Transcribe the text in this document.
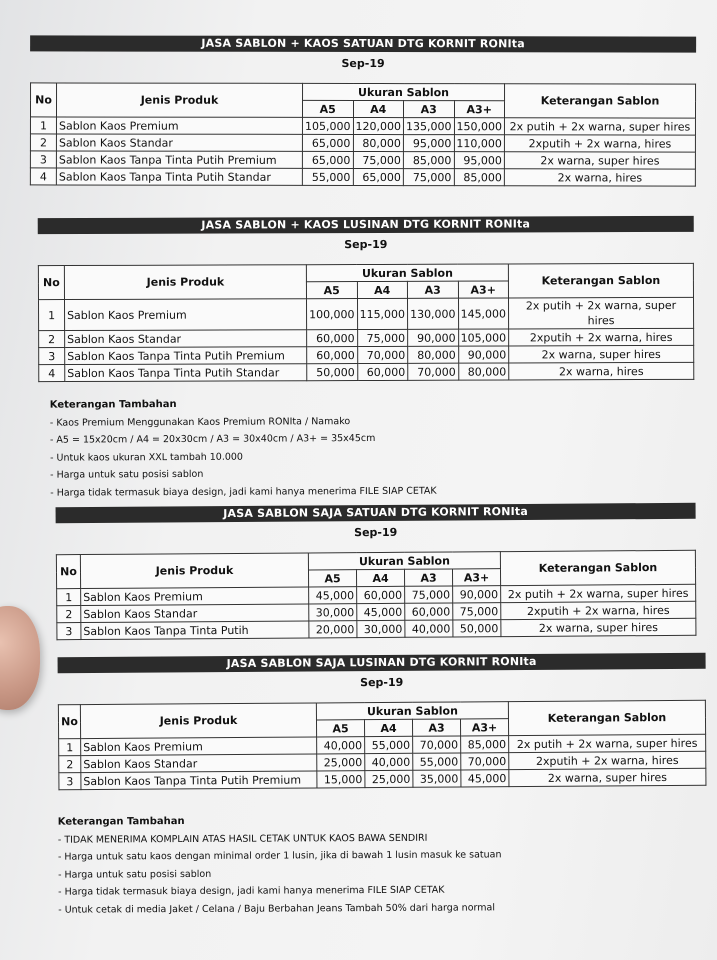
JASA SABLON + KAOS SATUAN DTG KORNIT RONIta
Sep-19
No	Jenis Produk	Ukuran Sablon				Keterangan Sablon
		A5	A4	A3	A3+	
1	Sablon Kaos Premium	105,000	120,000	135,000	150,000	2x putih + 2x warna, super hires
2	Sablon Kaos Standar	65,000	80,000	95,000	110,000	2xputih + 2x warna, hires
3	Sablon Kaos Tanpa Tinta Putih Premium	65,000	75,000	85,000	95,000	2x warna, super hires
4	Sablon Kaos Tanpa Tinta Putih Standar	55,000	65,000	75,000	85,000	2x warna, hires
JASA SABLON + KAOS LUSINAN DTG KORNIT RONIta
Sep-19
No	Jenis Produk	Ukuran Sablon				Keterangan Sablon
		A5	A4	A3	A3+	
1	Sablon Kaos Premium	100,000	115,000	130,000	145,000	2x putih + 2x warna, super hires
2	Sablon Kaos Standar	60,000	75,000	90,000	105,000	2xputih + 2x warna, hires
3	Sablon Kaos Tanpa Tinta Putih Premium	60,000	70,000	80,000	90,000	2x warna, super hires
4	Sablon Kaos Tanpa Tinta Putih Standar	50,000	60,000	70,000	80,000	2x warna, hires
Keterangan Tambahan
- Kaos Premium Menggunakan Kaos Premium RONIta / Namako
- A5 = 15x20cm / A4 = 20x30cm / A3 = 30x40cm / A3+ = 35x45cm
- Untuk kaos ukuran XXL tambah 10.000
- Harga untuk satu posisi sablon
- Harga tidak termasuk biaya design, jadi kami hanya menerima FILE SIAP CETAK
JASA SABLON SAJA SATUAN DTG KORNIT RONIta
Sep-19
No	Jenis Produk	Ukuran Sablon				Keterangan Sablon
		A5	A4	A3	A3+	
1	Sablon Kaos Premium	45,000	60,000	75,000	90,000	2x putih + 2x warna, super hires
2	Sablon Kaos Standar	30,000	45,000	60,000	75,000	2xputih + 2x warna, hires
3	Sablon Kaos Tanpa Tinta Putih	20,000	30,000	40,000	50,000	2x warna, super hires
JASA SABLON SAJA LUSINAN DTG KORNIT RONIta
Sep-19
No	Jenis Produk	Ukuran Sablon				Keterangan Sablon
		A5	A4	A3	A3+	
1	Sablon Kaos Premium	40,000	55,000	70,000	85,000	2x putih + 2x warna, super hires
2	Sablon Kaos Standar	25,000	40,000	55,000	70,000	2xputih + 2x warna, hires
3	Sablon Kaos Tanpa Tinta Putih Premium	15,000	25,000	35,000	45,000	2x warna, super hires
Keterangan Tambahan
- TIDAK MENERIMA KOMPLAIN ATAS HASIL CETAK UNTUK KAOS BAWA SENDIRI
- Harga untuk satu kaos dengan minimal order 1 lusin, jika di bawah 1 lusin masuk ke satuan
- Harga untuk satu posisi sablon
- Harga tidak termasuk biaya design, jadi kami hanya menerima FILE SIAP CETAK
- Untuk cetak di media Jaket / Celana / Baju Berbahan Jeans Tambah 50% dari harga normal
